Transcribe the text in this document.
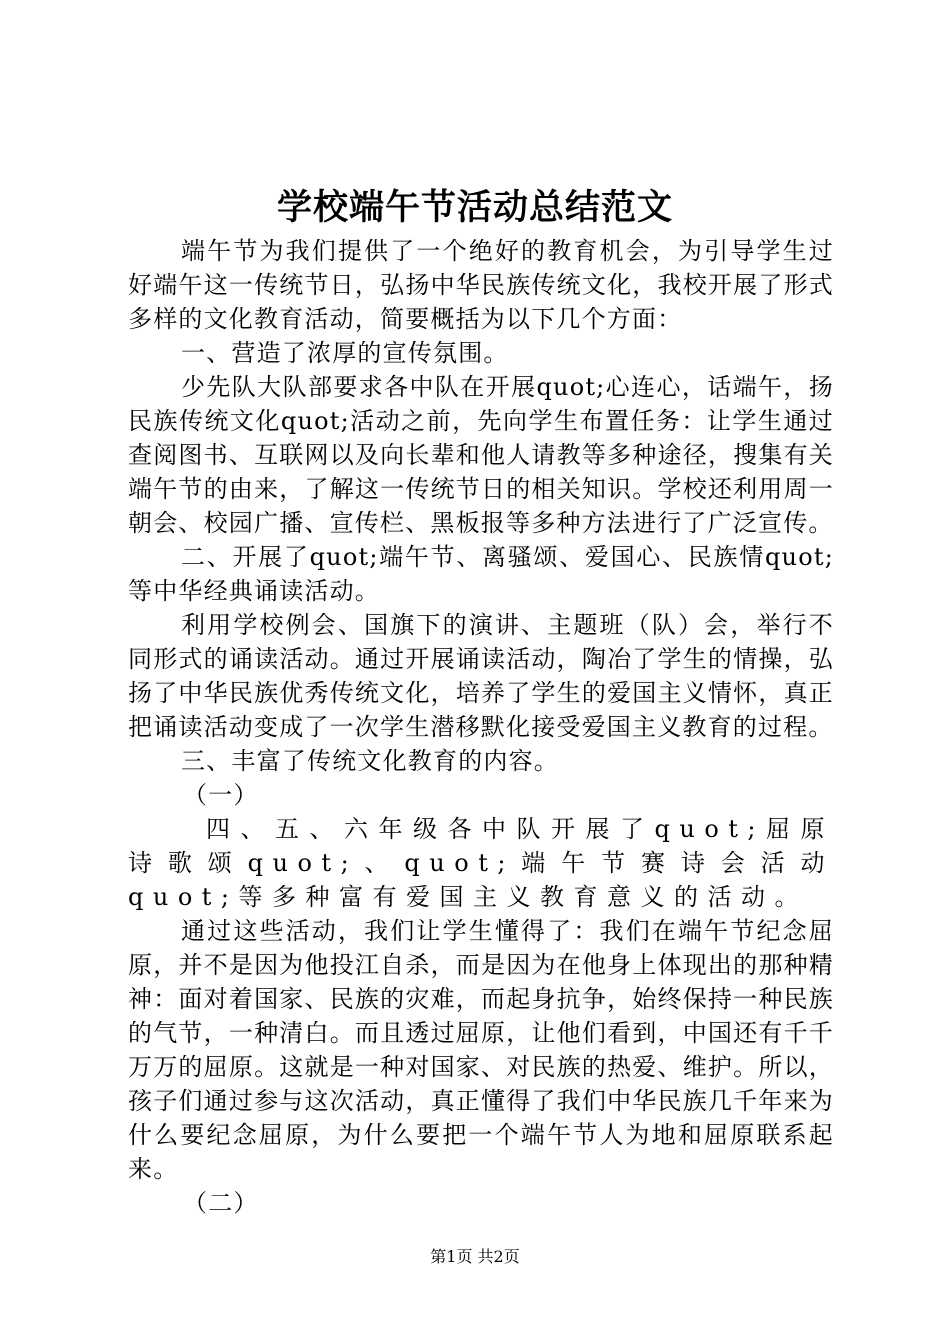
学校端午节活动总结范文

端午节为我们提供了一个绝好的教育机会，为引导学生过好端午这一传统节日，弘扬中华民族传统文化，我校开展了形式多样的文化教育活动，简要概括为以下几个方面：

一、营造了浓厚的宣传氛围。

少先队大队部要求各中队在开展quot;心连心，话端午，扬民族传统文化quot;活动之前，先向学生布置任务：让学生通过查阅图书、互联网以及向长辈和他人请教等多种途径，搜集有关端午节的由来，了解这一传统节日的相关知识。学校还利用周一朝会、校园广播、宣传栏、黑板报等多种方法进行了广泛宣传。

二、开展了quot;端午节、离骚颂、爱国心、民族情quot;等中华经典诵读活动。

利用学校例会、国旗下的演讲、主题班（队）会，举行不同形式的诵读活动。通过开展诵读活动，陶冶了学生的情操，弘扬了中华民族优秀传统文化，培养了学生的爱国主义情怀，真正把诵读活动变成了一次学生潜移默化接受爱国主义教育的过程。

三、丰富了传统文化教育的内容。

（一）

四、五、六年级各中队开展了quot;屈原诗歌颂quot;、quot;端午节赛诗会活动quot;等多种富有爱国主义教育意义的活动。

通过这些活动，我们让学生懂得了：我们在端午节纪念屈原，并不是因为他投江自杀，而是因为在他身上体现出的那种精神：面对着国家、民族的灾难，而起身抗争，始终保持一种民族的气节，一种清白。而且透过屈原，让他们看到，中国还有千千万万的屈原。这就是一种对国家、对民族的热爱、维护。所以，孩子们通过参与这次活动，真正懂得了我们中华民族几千年来为什么要纪念屈原，为什么要把一个端午节人为地和屈原联系起来。

（二）

第1页 共2页
